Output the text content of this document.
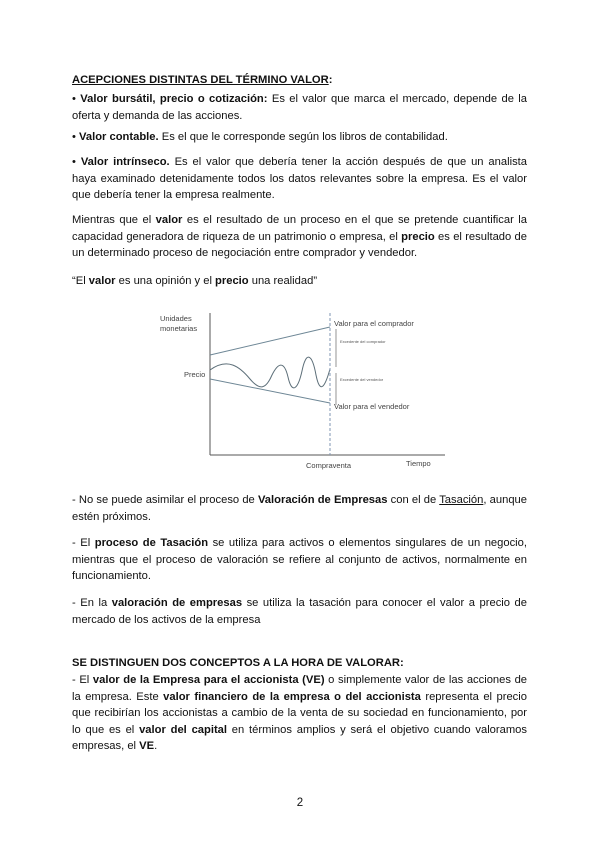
ACEPCIONES DISTINTAS DEL TÉRMINO VALOR:

• Valor bursátil, precio o cotización: Es el valor que marca el mercado, depende de la oferta y demanda de las acciones.

• Valor contable. Es el que le corresponde según los libros de contabilidad.

• Valor intrínseco. Es el valor que debería tener la acción después de que un analista haya examinado detenidamente todos los datos relevantes sobre la empresa. Es el valor que debería tener la empresa realmente.

Mientras que el valor es el resultado de un proceso en el que se pretende cuantificar la capacidad generadora de riqueza de un patrimonio o empresa, el precio es el resultado de un determinado proceso de negociación entre comprador y vendedor.

“El valor es una opinión y el precio una realidad”

Unidades
monetarias
Precio
Valor para el comprador
Valor para el vendedor
Excedente del comprador
Excedente del vendedor
Compraventa	Tiempo

- No se puede asimilar el proceso de Valoración de Empresas con el de Tasación, aunque estén próximos.

- El proceso de Tasación se utiliza para activos o elementos singulares de un negocio, mientras que el proceso de valoración se refiere al conjunto de activos, normalmente en funcionamiento.

- En la valoración de empresas se utiliza la tasación para conocer el valor a precio de mercado de los activos de la empresa

SE DISTINGUEN DOS CONCEPTOS A LA HORA DE VALORAR:

- El valor de la Empresa para el accionista (VE) o simplemente valor de las acciones de la empresa. Este valor financiero de la empresa o del accionista representa el precio que recibirían los accionistas a cambio de la venta de su sociedad en funcionamiento, por lo que es el valor del capital en términos amplios y será el objetivo cuando valoramos empresas, el VE.

2
